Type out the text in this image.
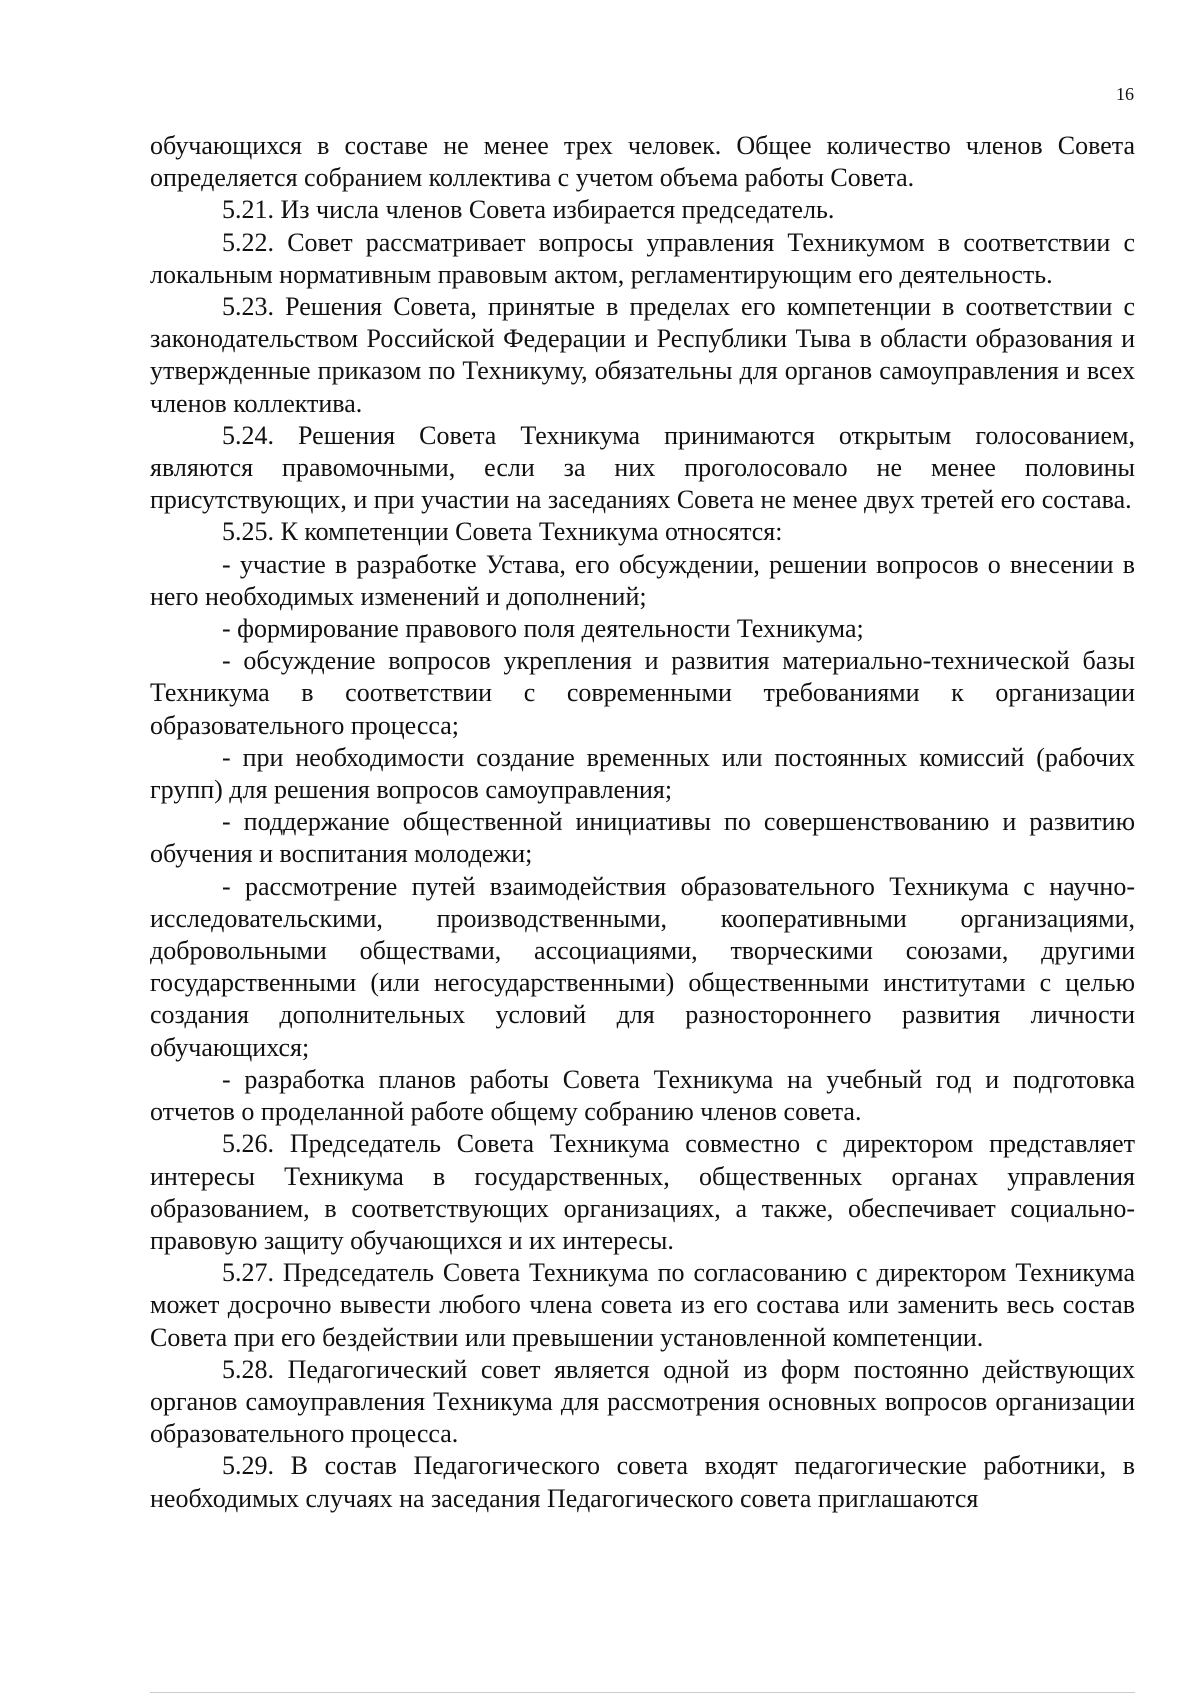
16

обучающихся в составе не менее трех человек. Общее количество членов Совета определяется собранием коллектива с учетом объема работы Совета.

5.21. Из числа членов Совета избирается председатель.

5.22. Совет рассматривает вопросы управления Техникумом в соответствии с локальным нормативным правовым актом, регламентирующим его деятельность.

5.23. Решения Совета, принятые в пределах его компетенции в соответствии с законодательством Российской Федерации и Республики Тыва в области образования и утвержденные приказом по Техникуму, обязательны для органов самоуправления и всех членов коллектива.

5.24. Решения Совета Техникума принимаются открытым голосованием, являются правомочными, если за них проголосовало не менее половины присутствующих, и при участии на заседаниях Совета не менее двух третей его состава.

5.25. К компетенции Совета Техникума относятся:

- участие в разработке Устава, его обсуждении, решении вопросов о внесении в него необходимых изменений и дополнений;

- формирование правового поля деятельности Техникума;

- обсуждение вопросов укрепления и развития материально-технической базы Техникума в соответствии с современными требованиями к организации образовательного процесса;

- при необходимости создание временных или постоянных комиссий (рабочих групп) для решения вопросов самоуправления;

- поддержание общественной инициативы по совершенствованию и развитию обучения и воспитания молодежи;

- рассмотрение путей взаимодействия образовательного Техникума с научно-исследовательскими, производственными, кооперативными организациями, добровольными обществами, ассоциациями, творческими союзами, другими государственными (или негосударственными) общественными институтами с целью создания дополнительных условий для разностороннего развития личности обучающихся;

- разработка планов работы Совета Техникума на учебный год и подготовка отчетов о проделанной работе общему собранию членов совета.

5.26. Председатель Совета Техникума совместно с директором представляет интересы Техникума в государственных, общественных органах управления образованием, в соответствующих организациях, а также, обеспечивает социально-правовую защиту обучающихся и их интересы.

5.27. Председатель Совета Техникума по согласованию с директором Техникума может досрочно вывести любого члена совета из его состава или заменить весь состав Совета при его бездействии или превышении установленной компетенции.

5.28. Педагогический совет является одной из форм постоянно действующих органов самоуправления Техникума для рассмотрения основных вопросов организации образовательного процесса.

5.29. В состав Педагогического совета входят педагогические работники, в необходимых случаях на заседания Педагогического совета приглашаются
